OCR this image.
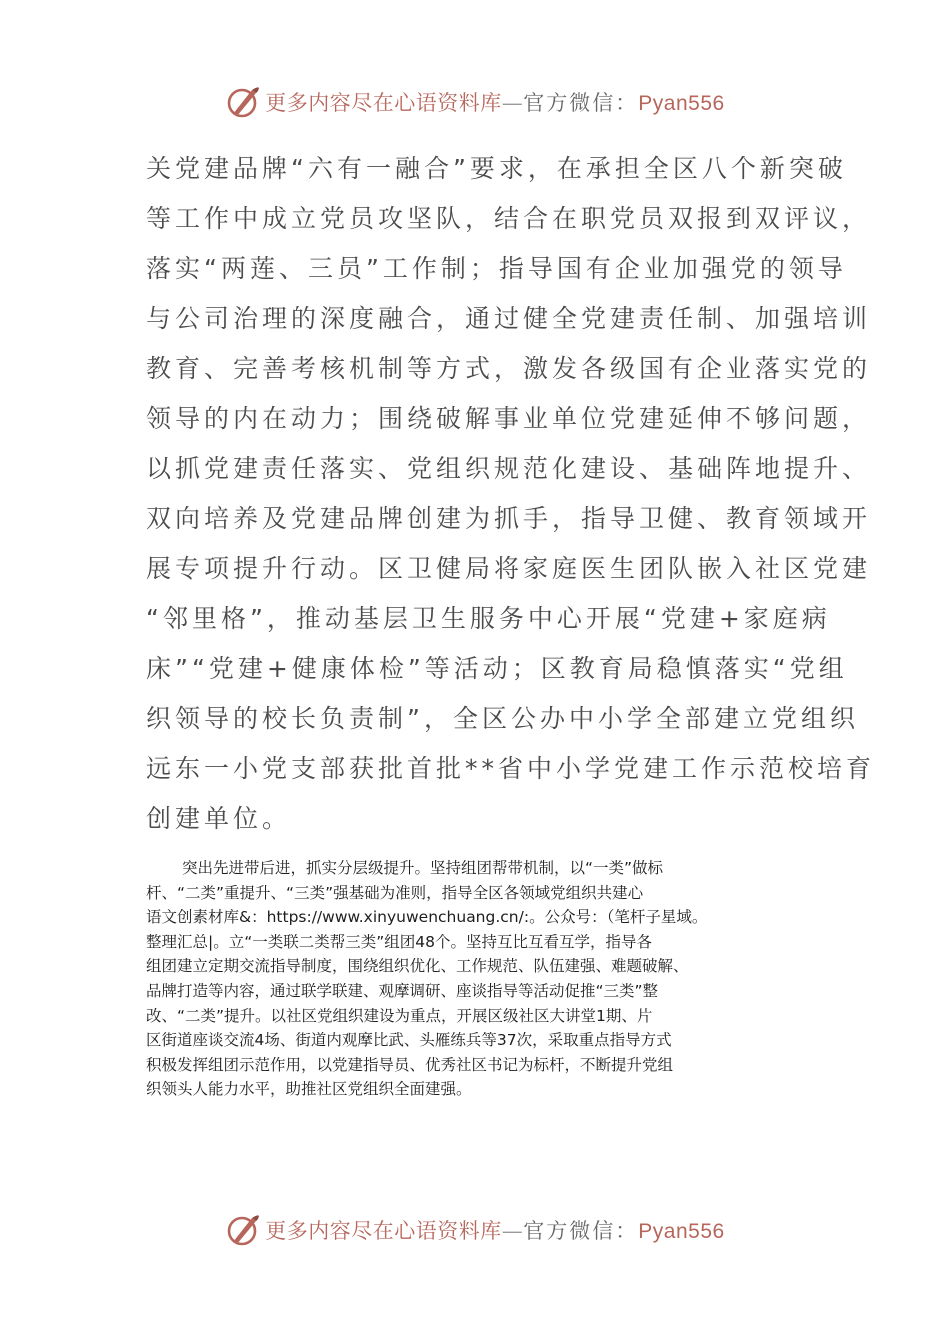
更多内容尽在心语资料库—官方微信：Pyan556
关党建品牌“六有一融合”要求，在承担全区八个新突破
等工作中成立党员攻坚队，结合在职党员双报到双评议，
落实“两莲、三员”工作制；指导国有企业加强党的领导
与公司治理的深度融合，通过健全党建责任制、加强培训
教育、完善考核机制等方式，激发各级国有企业落实党的
领导的内在动力；围绕破解事业单位党建延伸不够问题，
以抓党建责任落实、党组织规范化建设、基础阵地提升、
双向培养及党建品牌创建为抓手，指导卫健、教育领域开
展专项提升行动。区卫健局将家庭医生团队嵌入社区党建
“邻里格”，推动基层卫生服务中心开展“党建+家庭病
床”“党建+健康体检”等活动；区教育局稳慎落实“党组
织领导的校长负责制”，全区公办中小学全部建立党组织
远东一小党支部获批首批**省中小学党建工作示范校培育
创建单位。
突出先进带后进，抓实分层级提升。坚持组团帮带机制，以“一类”做标
杆、“二类”重提升、“三类”强基础为准则，指导全区各领域党组织共建心
语文创素材库&：https://www.xinyuwenchuang.cn/:。公众号：（笔杆子星域。
整理汇总|。立“一类联二类帮三类”组团48个。坚持互比互看互学，指导各
组团建立定期交流指导制度，围绕组织优化、工作规范、队伍建强、难题破解、
品牌打造等内容，通过联学联建、观摩调研、座谈指导等活动促推“三类”整
改、“二类”提升。以社区党组织建设为重点，开展区级社区大讲堂1期、片
区街道座谈交流4场、街道内观摩比武、头雁练兵等37次，采取重点指导方式
积极发挥组团示范作用，以党建指导员、优秀社区书记为标杆，不断提升党组
织领头人能力水平，助推社区党组织全面建强。
更多内容尽在心语资料库—官方微信：Pyan556
